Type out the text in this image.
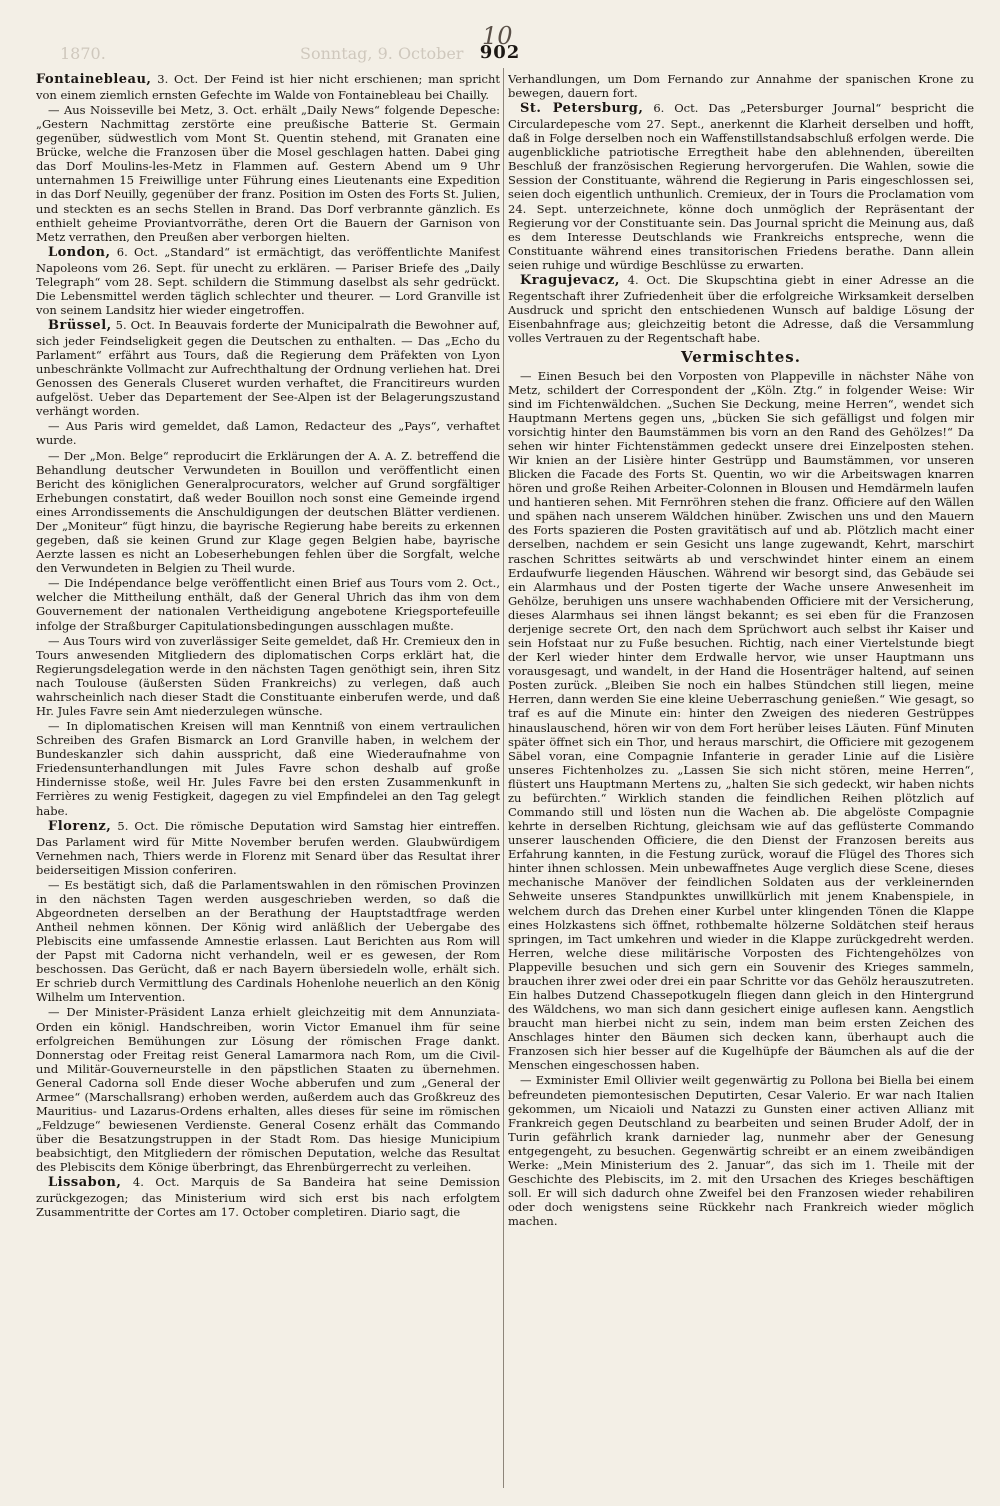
1870.
10
Sonntag, 9. October 902

Fontainebleau, 3. Oct. Der Feind ist hier nicht erschienen; man spricht von einem ziemlich ernsten Gefechte im Walde von Fontainebleau bei Chailly.

— Aus Noisseville bei Metz, 3. Oct. erhält „Daily News“ folgende Depesche: „Gestern Nachmittag zerstörte eine preußische Batterie St. Germain gegenüber, südwestlich vom Mont St. Quentin stehend, mit Granaten eine Brücke, welche die Franzosen über die Mosel geschlagen hatten. Dabei ging das Dorf Moulins-les-Metz in Flammen auf. Gestern Abend um 9 Uhr unternahmen 15 Freiwillige unter Führung eines Lieutenants eine Expedition in das Dorf Neuilly, gegenüber der franz. Position im Osten des Forts St. Julien, und steckten es an sechs Stellen in Brand. Das Dorf verbrannte gänzlich. Es enthielt geheime Proviantvorräthe, deren Ort die Bauern der Garnison von Metz verrathen, den Preußen aber verborgen hielten.

London, 6. Oct. „Standard“ ist ermächtigt, das veröffentlichte Manifest Napoleons vom 26. Sept. für unecht zu erklären. — Pariser Briefe des „Daily Telegraph“ vom 28. Sept. schildern die Stimmung daselbst als sehr gedrückt. Die Lebensmittel werden täglich schlechter und theurer. — Lord Granville ist von seinem Landsitz hier wieder eingetroffen.

Brüssel, 5. Oct. In Beauvais forderte der Municipalrath die Bewohner auf, sich jeder Feindseligkeit gegen die Deutschen zu enthalten. — Das „Echo du Parlament“ erfährt aus Tours, daß die Regierung dem Präfekten von Lyon unbeschränkte Vollmacht zur Aufrechthaltung der Ordnung verliehen hat. Drei Genossen des Generals Cluseret wurden verhaftet, die Francitireurs wurden aufgelöst. Ueber das Departement der See-Alpen ist der Belagerungszustand verhängt worden.

— Aus Paris wird gemeldet, daß Lamon, Redacteur des „Pays“, verhaftet wurde.

— Der „Mon. Belge“ reproducirt die Erklärungen der A. A. Z. betreffend die Behandlung deutscher Verwundeten in Bouillon und veröffentlicht einen Bericht des königlichen Generalprocurators, welcher auf Grund sorgfältiger Erhebungen constatirt, daß weder Bouillon noch sonst eine Gemeinde irgend eines Arrondissements die Anschuldigungen der deutschen Blätter verdienen. Der „Moniteur“ fügt hinzu, die bayrische Regierung habe bereits zu erkennen gegeben, daß sie keinen Grund zur Klage gegen Belgien habe, bayrische Aerzte lassen es nicht an Lobeserhebungen fehlen über die Sorgfalt, welche den Verwundeten in Belgien zu Theil wurde.

— Die Indépendance belge veröffentlicht einen Brief aus Tours vom 2. Oct., welcher die Mittheilung enthält, daß der General Uhrich das ihm von dem Gouvernement der nationalen Vertheidigung angebotene Kriegsportefeuille infolge der Straßburger Capitulationsbedingungen ausschlagen mußte.

— Aus Tours wird von zuverlässiger Seite gemeldet, daß Hr. Cremieux den in Tours anwesenden Mitgliedern des diplomatischen Corps erklärt hat, die Regierungsdelegation werde in den nächsten Tagen genöthigt sein, ihren Sitz nach Toulouse (äußersten Süden Frankreichs) zu verlegen, daß auch wahrscheinlich nach dieser Stadt die Constituante einberufen werde, und daß Hr. Jules Favre sein Amt niederzulegen wünsche.

— In diplomatischen Kreisen will man Kenntniß von einem vertraulichen Schreiben des Grafen Bismarck an Lord Granville haben, in welchem der Bundeskanzler sich dahin ausspricht, daß eine Wiederaufnahme von Friedensunterhandlungen mit Jules Favre schon deshalb auf große Hindernisse stoße, weil Hr. Jules Favre bei den ersten Zusammenkunft in Ferrières zu wenig Festigkeit, dagegen zu viel Empfindelei an den Tag gelegt habe.

Florenz, 5. Oct. Die römische Deputation wird Samstag hier eintreffen. Das Parlament wird für Mitte November berufen werden. Glaubwürdigem Vernehmen nach, Thiers werde in Florenz mit Senard über das Resultat ihrer beiderseitigen Mission conferiren.

— Es bestätigt sich, daß die Parlamentswahlen in den römischen Provinzen in den nächsten Tagen werden ausgeschrieben werden, so daß die Abgeordneten derselben an der Berathung der Hauptstadtfrage werden Antheil nehmen können. Der König wird anläßlich der Uebergabe des Plebiscits eine umfassende Amnestie erlassen. Laut Berichten aus Rom will der Papst mit Cadorna nicht verhandeln, weil er es gewesen, der Rom beschossen. Das Gerücht, daß er nach Bayern übersiedeln wolle, erhält sich. Er schrieb durch Vermittlung des Cardinals Hohenlohe neuerlich an den König Wilhelm um Intervention.

— Der Minister-Präsident Lanza erhielt gleichzeitig mit dem Annunziata-Orden ein königl. Handschreiben, worin Victor Emanuel ihm für seine erfolgreichen Bemühungen zur Lösung der römischen Frage dankt. Donnerstag oder Freitag reist General Lamarmora nach Rom, um die Civil- und Militär-Gouverneurstelle in den päpstlichen Staaten zu übernehmen. General Cadorna soll Ende dieser Woche abberufen und zum „General der Armee“ (Marschallsrang) erhoben werden, außerdem auch das Großkreuz des Mauritius- und Lazarus-Ordens erhalten, alles dieses für seine im römischen „Feldzuge“ bewiesenen Verdienste. General Cosenz erhält das Commando über die Besatzungstruppen in der Stadt Rom. Das hiesige Municipium beabsichtigt, den Mitgliedern der römischen Deputation, welche das Resultat des Plebiscits dem Könige überbringt, das Ehrenbürgerrecht zu verleihen.

Lissabon, 4. Oct. Marquis de Sa Bandeira hat seine Demission zurückgezogen; das Ministerium wird sich erst bis nach erfolgtem Zusammentritte der Cortes am 17. October completiren. Diario sagt, die

Verhandlungen, um Dom Fernando zur Annahme der spanischen Krone zu bewegen, dauern fort.

St. Petersburg, 6. Oct. Das „Petersburger Journal“ bespricht die Circulardepesche vom 27. Sept., anerkennt die Klarheit derselben und hofft, daß in Folge derselben noch ein Waffenstillstandsabschluß erfolgen werde. Die augenblickliche patriotische Erregtheit habe den ablehnenden, übereilten Beschluß der französischen Regierung hervorgerufen. Die Wahlen, sowie die Session der Constituante, während die Regierung in Paris eingeschlossen sei, seien doch eigentlich unthunlich. Cremieux, der in Tours die Proclamation vom 24. Sept. unterzeichnete, könne doch unmöglich der Repräsentant der Regierung vor der Constituante sein. Das Journal spricht die Meinung aus, daß es dem Interesse Deutschlands wie Frankreichs entspreche, wenn die Constituante während eines transitorischen Friedens berathe. Dann allein seien ruhige und würdige Beschlüsse zu erwarten.

Kragujevacz, 4. Oct. Die Skupschtina giebt in einer Adresse an die Regentschaft ihrer Zufriedenheit über die erfolgreiche Wirksamkeit derselben Ausdruck und spricht den entschiedenen Wunsch auf baldige Lösung der Eisenbahnfrage aus; gleichzeitig betont die Adresse, daß die Versammlung volles Vertrauen zu der Regentschaft habe.

Vermischtes.

— Einen Besuch bei den Vorposten von Plappeville in nächster Nähe von Metz, schildert der Correspondent der „Köln. Ztg.“ in folgender Weise: Wir sind im Fichtenwäldchen. „Suchen Sie Deckung, meine Herren“, wendet sich Hauptmann Mertens gegen uns, „bücken Sie sich gefälligst und folgen mir vorsichtig hinter den Baumstämmen bis vorn an den Rand des Gehölzes!“ Da sehen wir hinter Fichtenstämmen gedeckt unsere drei Einzelposten stehen. Wir knien an der Lisière hinter Gestrüpp und Baumstämmen, vor unseren Blicken die Facade des Forts St. Quentin, wo wir die Arbeitswagen knarren hören und große Reihen Arbeiter-Colonnen in Blousen und Hemdärmeln laufen und hantieren sehen. Mit Fernröhren stehen die franz. Officiere auf den Wällen und spähen nach unserem Wäldchen hinüber. Zwischen uns und den Mauern des Forts spazieren die Posten gravitätisch auf und ab. Plötzlich macht einer derselben, nachdem er sein Gesicht uns lange zugewandt, Kehrt, marschirt raschen Schrittes seitwärts ab und verschwindet hinter einem an einem Erdaufwurfe liegenden Häuschen. Während wir besorgt sind, das Gebäude sei ein Alarmhaus und der Posten tigerte der Wache unsere Anwesenheit im Gehölze, beruhigen uns unsere wachhabenden Officiere mit der Versicherung, dieses Alarmhaus sei ihnen längst bekannt; es sei eben für die Franzosen derjenige secrete Ort, den nach dem Sprüchwort auch selbst ihr Kaiser und sein Hofstaat nur zu Fuße besuchen. Richtig, nach einer Viertelstunde biegt der Kerl wieder hinter dem Erdwalle hervor, wie unser Hauptmann uns vorausgesagt, und wandelt, in der Hand die Hosenträger haltend, auf seinen Posten zurück. „Bleiben Sie noch ein halbes Stündchen still liegen, meine Herren, dann werden Sie eine kleine Ueberraschung genießen.“ Wie gesagt, so traf es auf die Minute ein: hinter den Zweigen des niederen Gestrüppes hinauslauschend, hören wir von dem Fort herüber leises Läuten. Fünf Minuten später öffnet sich ein Thor, und heraus marschirt, die Officiere mit gezogenem Säbel voran, eine Compagnie Infanterie in gerader Linie auf die Lisière unseres Fichtenholzes zu. „Lassen Sie sich nicht stören, meine Herren“, flüstert uns Hauptmann Mertens zu, „halten Sie sich gedeckt, wir haben nichts zu befürchten.“ Wirklich standen die feindlichen Reihen plötzlich auf Commando still und lösten nun die Wachen ab. Die abgelöste Compagnie kehrte in derselben Richtung, gleichsam wie auf das geflüsterte Commando unserer lauschenden Officiere, die den Dienst der Franzosen bereits aus Erfahrung kannten, in die Festung zurück, worauf die Flügel des Thores sich hinter ihnen schlossen. Mein unbewaffnetes Auge verglich diese Scene, dieses mechanische Manöver der feindlichen Soldaten aus der verkleinernden Sehweite unseres Standpunktes unwillkürlich mit jenem Knabenspiele, in welchem durch das Drehen einer Kurbel unter klingenden Tönen die Klappe eines Holzkastens sich öffnet, rothbemalte hölzerne Soldätchen steif heraus springen, im Tact umkehren und wieder in die Klappe zurückgedreht werden. Herren, welche diese militärische Vorposten des Fichtengehölzes von Plappeville besuchen und sich gern ein Souvenir des Krieges sammeln, brauchen ihrer zwei oder drei ein paar Schritte vor das Gehölz herauszutreten. Ein halbes Dutzend Chassepotkugeln fliegen dann gleich in den Hintergrund des Wäldchens, wo man sich dann gesichert einige auflesen kann. Aengstlich braucht man hierbei nicht zu sein, indem man beim ersten Zeichen des Anschlages hinter den Bäumen sich decken kann, überhaupt auch die Franzosen sich hier besser auf die Kugelhüpfe der Bäumchen als auf die der Menschen eingeschossen haben.

— Exminister Emil Ollivier weilt gegenwärtig zu Pollona bei Biella bei einem befreundeten piemontesischen Deputirten, Cesar Valerio. Er war nach Italien gekommen, um Nicaioli und Natazzi zu Gunsten einer activen Allianz mit Frankreich gegen Deutschland zu bearbeiten und seinen Bruder Adolf, der in Turin gefährlich krank darnieder lag, nunmehr aber der Genesung entgegengeht, zu besuchen. Gegenwärtig schreibt er an einem zweibändigen Werke: „Mein Ministerium des 2. Januar“, das sich im 1. Theile mit der Geschichte des Plebiscits, im 2. mit den Ursachen des Krieges beschäftigen soll. Er will sich dadurch ohne Zweifel bei den Franzosen wieder rehabiliren oder doch wenigstens seine Rückkehr nach Frankreich wieder möglich machen.
